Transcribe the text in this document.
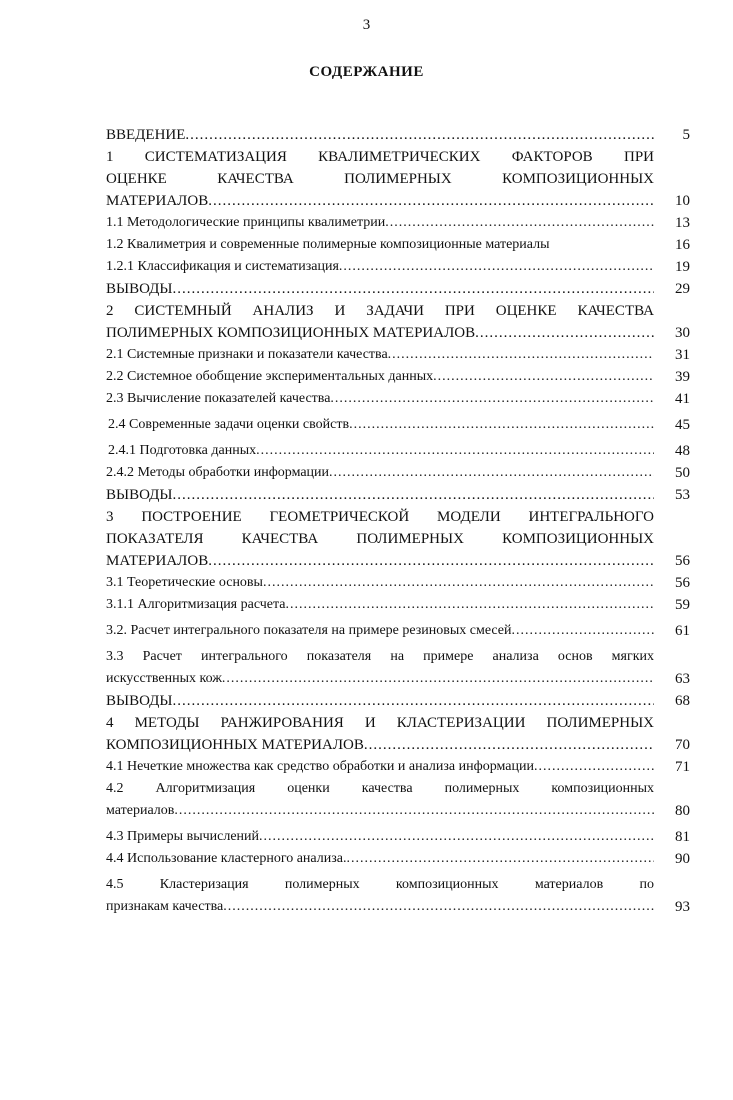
3
СОДЕРЖАНИЕ
ВВЕДЕНИЕ .....	5
1 СИСТЕМАТИЗАЦИЯ КВАЛИМЕТРИЧЕСКИХ ФАКТОРОВ ПРИ
ОЦЕНКЕ КАЧЕСТВА ПОЛИМЕРНЫХ КОМПОЗИЦИОННЫХ
МАТЕРИАЛОВ .....	10
1.1 Методологические принципы квалиметрии .....	13
1.2 Квалиметрия и современные полимерные композиционные материалы	16
1.2.1 Классификация и систематизация .....	19
ВЫВОДЫ .....	29
2 СИСТЕМНЫЙ АНАЛИЗ И ЗАДАЧИ ПРИ ОЦЕНКЕ КАЧЕСТВА
ПОЛИМЕРНЫХ КОМПОЗИЦИОННЫХ МАТЕРИАЛОВ .....	30
2.1 Системные признаки и показатели качества .....	31
2.2 Системное обобщение экспериментальных данных .....	39
2.3 Вычисление показателей качества .....	41
2.4 Современные задачи оценки свойств .....	45
2.4.1 Подготовка данных .....	48
2.4.2 Методы обработки информации .....	50
ВЫВОДЫ .....	53
3 ПОСТРОЕНИЕ ГЕОМЕТРИЧЕСКОЙ МОДЕЛИ ИНТЕГРАЛЬНОГО
ПОКАЗАТЕЛЯ КАЧЕСТВА ПОЛИМЕРНЫХ КОМПОЗИЦИОННЫХ
МАТЕРИАЛОВ .....	56
3.1 Теоретические основы .....	56
3.1.1 Алгоритмизация расчета .....	59
3.2. Расчет интегрального показателя на примере резиновых смесей .....	61
3.3 Расчет интегрального показателя на примере анализа основ мягких
искусственных кож .....	63
ВЫВОДЫ .....	68
4 МЕТОДЫ РАНЖИРОВАНИЯ И КЛАСТЕРИЗАЦИИ ПОЛИМЕРНЫХ
КОМПОЗИЦИОННЫХ МАТЕРИАЛОВ .....	70
4.1 Нечеткие множества как средство обработки и анализа информации .....	71
4.2 Алгоритмизация оценки качества полимерных композиционных
материалов .....	80
4.3 Примеры вычислений .....	81
4.4 Использование кластерного анализа. .....	90
4.5 Кластеризация полимерных композиционных материалов по
признакам качества .....	93
